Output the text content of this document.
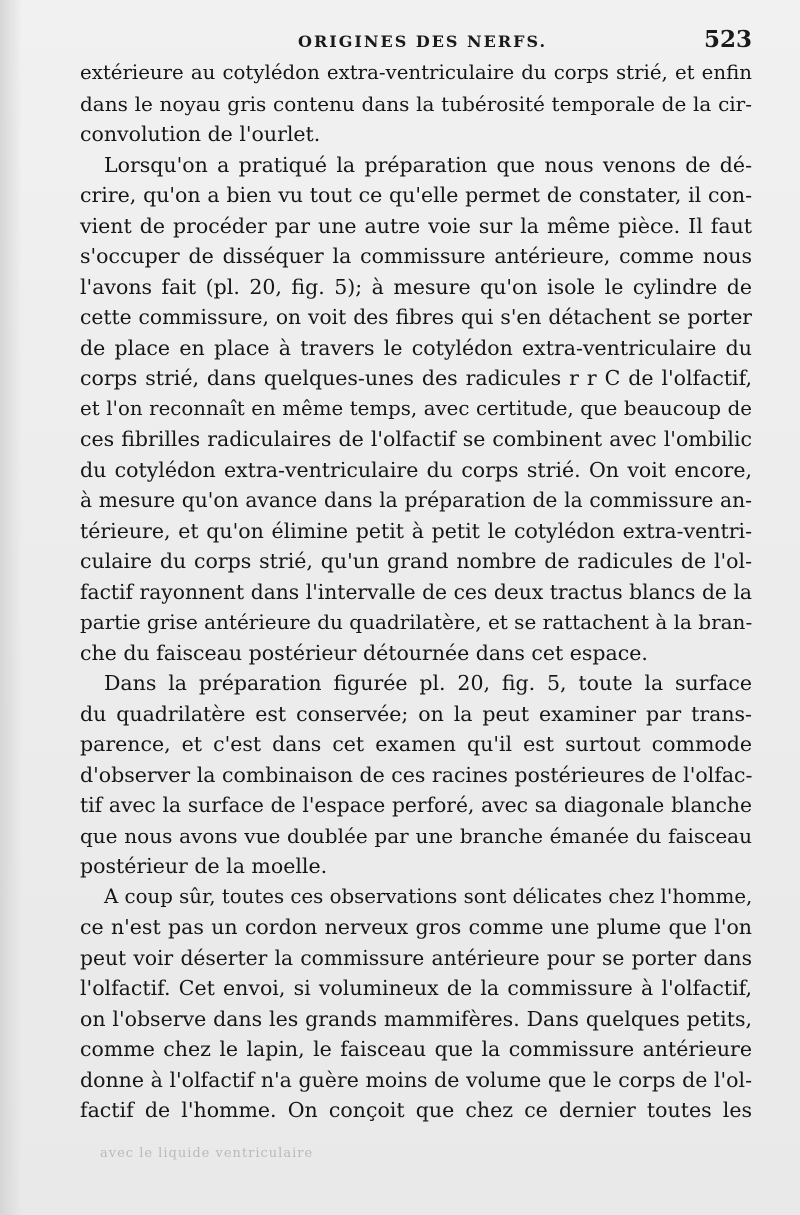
ORIGINES DES NERFS.	523
extérieure au cotylédon extra-ventriculaire du corps strié, et enfin
dans le noyau gris contenu dans la tubérosité temporale de la cir-
convolution de l'ourlet.
Lorsqu'on a pratiqué la préparation que nous venons de dé-
crire, qu'on a bien vu tout ce qu'elle permet de constater, il con-
vient de procéder par une autre voie sur la même pièce. Il faut
s'occuper de disséquer la commissure antérieure, comme nous
l'avons fait (pl. 20, fig. 5); à mesure qu'on isole le cylindre de
cette commissure, on voit des fibres qui s'en détachent se porter
de place en place à travers le cotylédon extra-ventriculaire du
corps strié, dans quelques-unes des radicules r r C de l'olfactif,
et l'on reconnaît en même temps, avec certitude, que beaucoup de
ces fibrilles radiculaires de l'olfactif se combinent avec l'ombilic
du cotylédon extra-ventriculaire du corps strié. On voit encore,
à mesure qu'on avance dans la préparation de la commissure an-
térieure, et qu'on élimine petit à petit le cotylédon extra-ventri-
culaire du corps strié, qu'un grand nombre de radicules de l'ol-
factif rayonnent dans l'intervalle de ces deux tractus blancs de la
partie grise antérieure du quadrilatère, et se rattachent à la bran-
che du faisceau postérieur détournée dans cet espace.
Dans la préparation figurée pl. 20, fig. 5, toute la surface
du quadrilatère est conservée; on la peut examiner par trans-
parence, et c'est dans cet examen qu'il est surtout commode
d'observer la combinaison de ces racines postérieures de l'olfac-
tif avec la surface de l'espace perforé, avec sa diagonale blanche
que nous avons vue doublée par une branche émanée du faisceau
postérieur de la moelle.
A coup sûr, toutes ces observations sont délicates chez l'homme,
ce n'est pas un cordon nerveux gros comme une plume que l'on
peut voir déserter la commissure antérieure pour se porter dans
l'olfactif. Cet envoi, si volumineux de la commissure à l'olfactif,
on l'observe dans les grands mammifères. Dans quelques petits,
comme chez le lapin, le faisceau que la commissure antérieure
donne à l'olfactif n'a guère moins de volume que le corps de l'ol-
factif de l'homme. On conçoit que chez ce dernier toutes les
avec le liquide ventriculaire
